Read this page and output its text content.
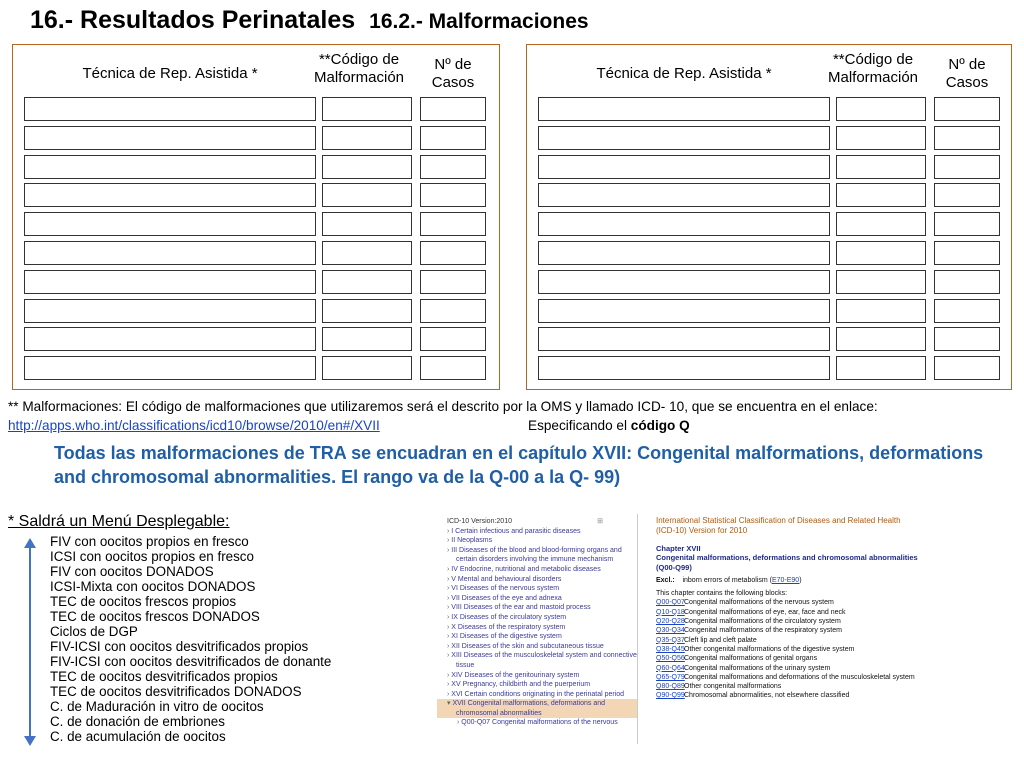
16.- Resultados Perinatales 16.2.- Malformaciones
Técnica de Rep. Asistida *
**Código de
Malformación
Nº de
Casos
Técnica de Rep. Asistida *
**Código de
Malformación
Nº de
Casos
** Malformaciones: El código de malformaciones que utilizaremos será el descrito por la OMS y llamado ICD- 10, que se encuentra en el enlace:
http://apps.who.int/classifications/icd10/browse/2010/en#/XVII	Especificando el código Q
Todas las malformaciones de TRA se encuadran en el capítulo XVII: Congenital malformations, deformations and chromosomal abnormalities. El rango va de la Q-00 a la Q- 99)
* Saldrá un Menú Desplegable:
FIV con oocitos propios en fresco
ICSI con oocitos propios en fresco
FIV con oocitos DONADOS
ICSI-Mixta con oocitos DONADOS
TEC de oocitos frescos propios
TEC de oocitos frescos DONADOS
Ciclos de DGP
FIV-ICSI con oocitos desvitrificados propios
FIV-ICSI con oocitos desvitrificados de donante
TEC de oocitos desvitrificados propios
TEC de oocitos desvitrificados DONADOS
C. de Maduración in vitro de oocitos
C. de donación de embriones
C. de acumulación de oocitos
ICD-10 Version:2010	⊞
› I Certain infectious and parasitic diseases
› II Neoplasms
› III Diseases of the blood and blood-forming organs and
certain disorders involving the immune mechanism
› IV Endocrine, nutritional and metabolic diseases
› V Mental and behavioural disorders
› VI Diseases of the nervous system
› VII Diseases of the eye and adnexa
› VIII Diseases of the ear and mastoid process
› IX Diseases of the circulatory system
› X Diseases of the respiratory system
› XI Diseases of the digestive system
› XII Diseases of the skin and subcutaneous tissue
› XIII Diseases of the musculoskeletal system and connective
tissue
› XIV Diseases of the genitourinary system
› XV Pregnancy, childbirth and the puerperium
› XVI Certain conditions originating in the perinatal period
▾ XVII Congenital malformations, deformations and
chromosomal abnormalities
› Q00-Q07 Congenital malformations of the nervous
International Statistical Classification of Diseases and Related Health
(ICD-10) Version for 2010
Chapter XVII
Congenital malformations, deformations and chromosomal abnormalities
(Q00-Q99)
Excl.: inborn errors of metabolism (E70-E90)
This chapter contains the following blocks:
Q00-Q07Congenital malformations of the nervous system
Q10-Q18Congenital malformations of eye, ear, face and neck
Q20-Q28Congenital malformations of the circulatory system
Q30-Q34Congenital malformations of the respiratory system
Q35-Q37Cleft lip and cleft palate
Q38-Q45Other congenital malformations of the digestive system
Q50-Q56Congenital malformations of genital organs
Q60-Q64Congenital malformations of the urinary system
Q65-Q79Congenital malformations and deformations of the musculoskeletal system
Q80-Q89Other congenital malformations
Q90-Q99Chromosomal abnormalities, not elsewhere classified
